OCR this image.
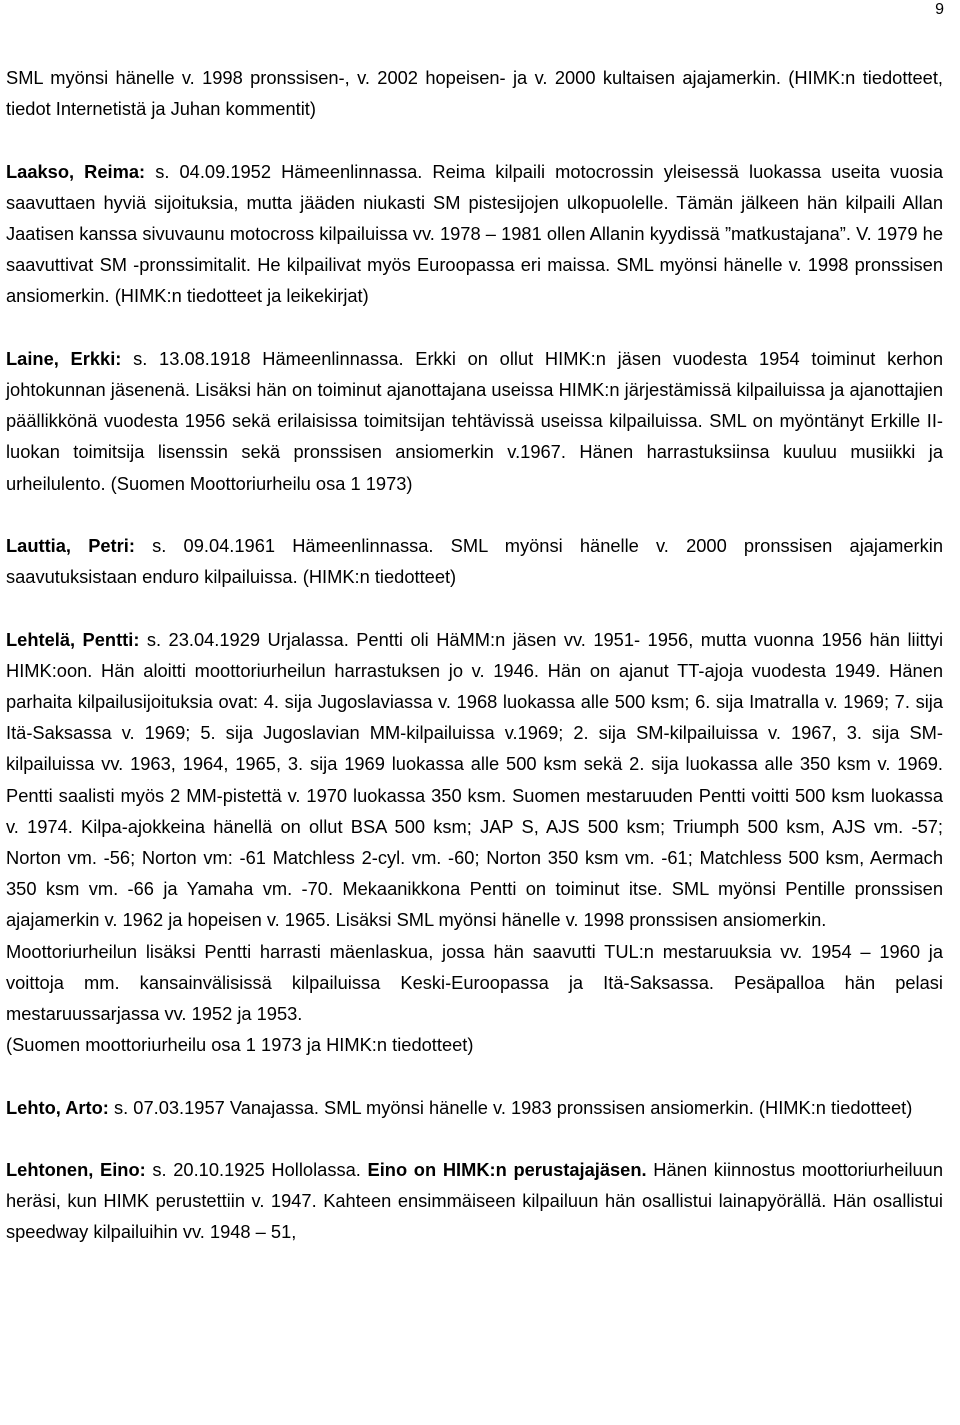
9

SML myönsi hänelle v. 1998 pronssisen-, v. 2002 hopeisen- ja v. 2000 kultaisen ajajamerkin. (HIMK:n tiedotteet, tiedot Internetistä ja Juhan kommentit)

Laakso, Reima: s. 04.09.1952 Hämeenlinnassa. Reima kilpaili motocrossin yleisessä luokassa useita vuosia saavuttaen hyviä sijoituksia, mutta jääden niukasti SM pistesijojen ulkopuolelle. Tämän jälkeen hän kilpaili Allan Jaatisen kanssa sivuvaunu motocross kilpailuissa vv. 1978 – 1981 ollen Allanin kyydissä ”matkustajana”. V. 1979 he saavuttivat SM -pronssimitalit. He kilpailivat myös Euroopassa eri maissa. SML myönsi hänelle v. 1998 pronssisen ansiomerkin. (HIMK:n tiedotteet ja leikekirjat)

Laine, Erkki: s. 13.08.1918 Hämeenlinnassa. Erkki on ollut HIMK:n jäsen vuodesta 1954 toiminut kerhon johtokunnan jäsenenä. Lisäksi hän on toiminut ajanottajana useissa HIMK:n järjestämissä kilpailuissa ja ajanottajien päällikkönä vuodesta 1956 sekä erilaisissa toimitsijan tehtävissä useissa kilpailuissa. SML on myöntänyt Erkille II-luokan toimitsija lisenssin sekä pronssisen ansiomerkin v.1967. Hänen harrastuksiinsa kuuluu musiikki ja urheilulento. (Suomen Moottoriurheilu osa 1 1973)

Lauttia, Petri: s. 09.04.1961 Hämeenlinnassa. SML myönsi hänelle v. 2000 pronssisen ajajamerkin saavutuksistaan enduro kilpailuissa. (HIMK:n tiedotteet)

Lehtelä, Pentti: s. 23.04.1929 Urjalassa. Pentti oli HäMM:n jäsen vv. 1951- 1956, mutta vuonna 1956 hän liittyi HIMK:oon. Hän aloitti moottoriurheilun harrastuksen jo v. 1946. Hän on ajanut TT-ajoja vuodesta 1949. Hänen parhaita kilpailusijoituksia ovat: 4. sija Jugoslaviassa v. 1968 luokassa alle 500 ksm; 6. sija Imatralla v. 1969; 7. sija Itä-Saksassa v. 1969; 5. sija Jugoslavian MM-kilpailuissa v.1969; 2. sija SM-kilpailuissa v. 1967, 3. sija SM-kilpailuissa vv. 1963, 1964, 1965, 3. sija 1969 luokassa alle 500 ksm sekä 2. sija luokassa alle 350 ksm v. 1969. Pentti saalisti myös 2 MM-pistettä v. 1970 luokassa 350 ksm. Suomen mestaruuden Pentti voitti 500 ksm luokassa v. 1974. Kilpa-ajokkeina hänellä on ollut BSA 500 ksm; JAP S, AJS 500 ksm; Triumph 500 ksm, AJS vm. -57; Norton vm. -56; Norton vm: -61 Matchless 2-cyl. vm. -60; Norton 350 ksm vm. -61; Matchless 500 ksm, Aermach 350 ksm vm. -66 ja Yamaha vm. -70. Mekaanikkona Pentti on toiminut itse. SML myönsi Pentille pronssisen ajajamerkin v. 1962 ja hopeisen v. 1965. Lisäksi SML myönsi hänelle v. 1998 pronssisen ansiomerkin.

Moottoriurheilun lisäksi Pentti harrasti mäenlaskua, jossa hän saavutti TUL:n mestaruuksia vv. 1954 – 1960 ja voittoja mm. kansainvälisissä kilpailuissa Keski-Euroopassa ja Itä-Saksassa. Pesäpalloa hän pelasi mestaruussarjassa vv. 1952 ja 1953.

(Suomen moottoriurheilu osa 1 1973 ja HIMK:n tiedotteet)

Lehto, Arto: s. 07.03.1957 Vanajassa. SML myönsi hänelle v. 1983 pronssisen ansiomerkin. (HIMK:n tiedotteet)

Lehtonen, Eino: s. 20.10.1925 Hollolassa. Eino on HIMK:n perustajajäsen. Hänen kiinnostus moottoriurheiluun heräsi, kun HIMK perustettiin v. 1947. Kahteen ensimmäiseen kilpailuun hän osallistui lainapyörällä. Hän osallistui speedway kilpailuihin vv. 1948 – 51,
